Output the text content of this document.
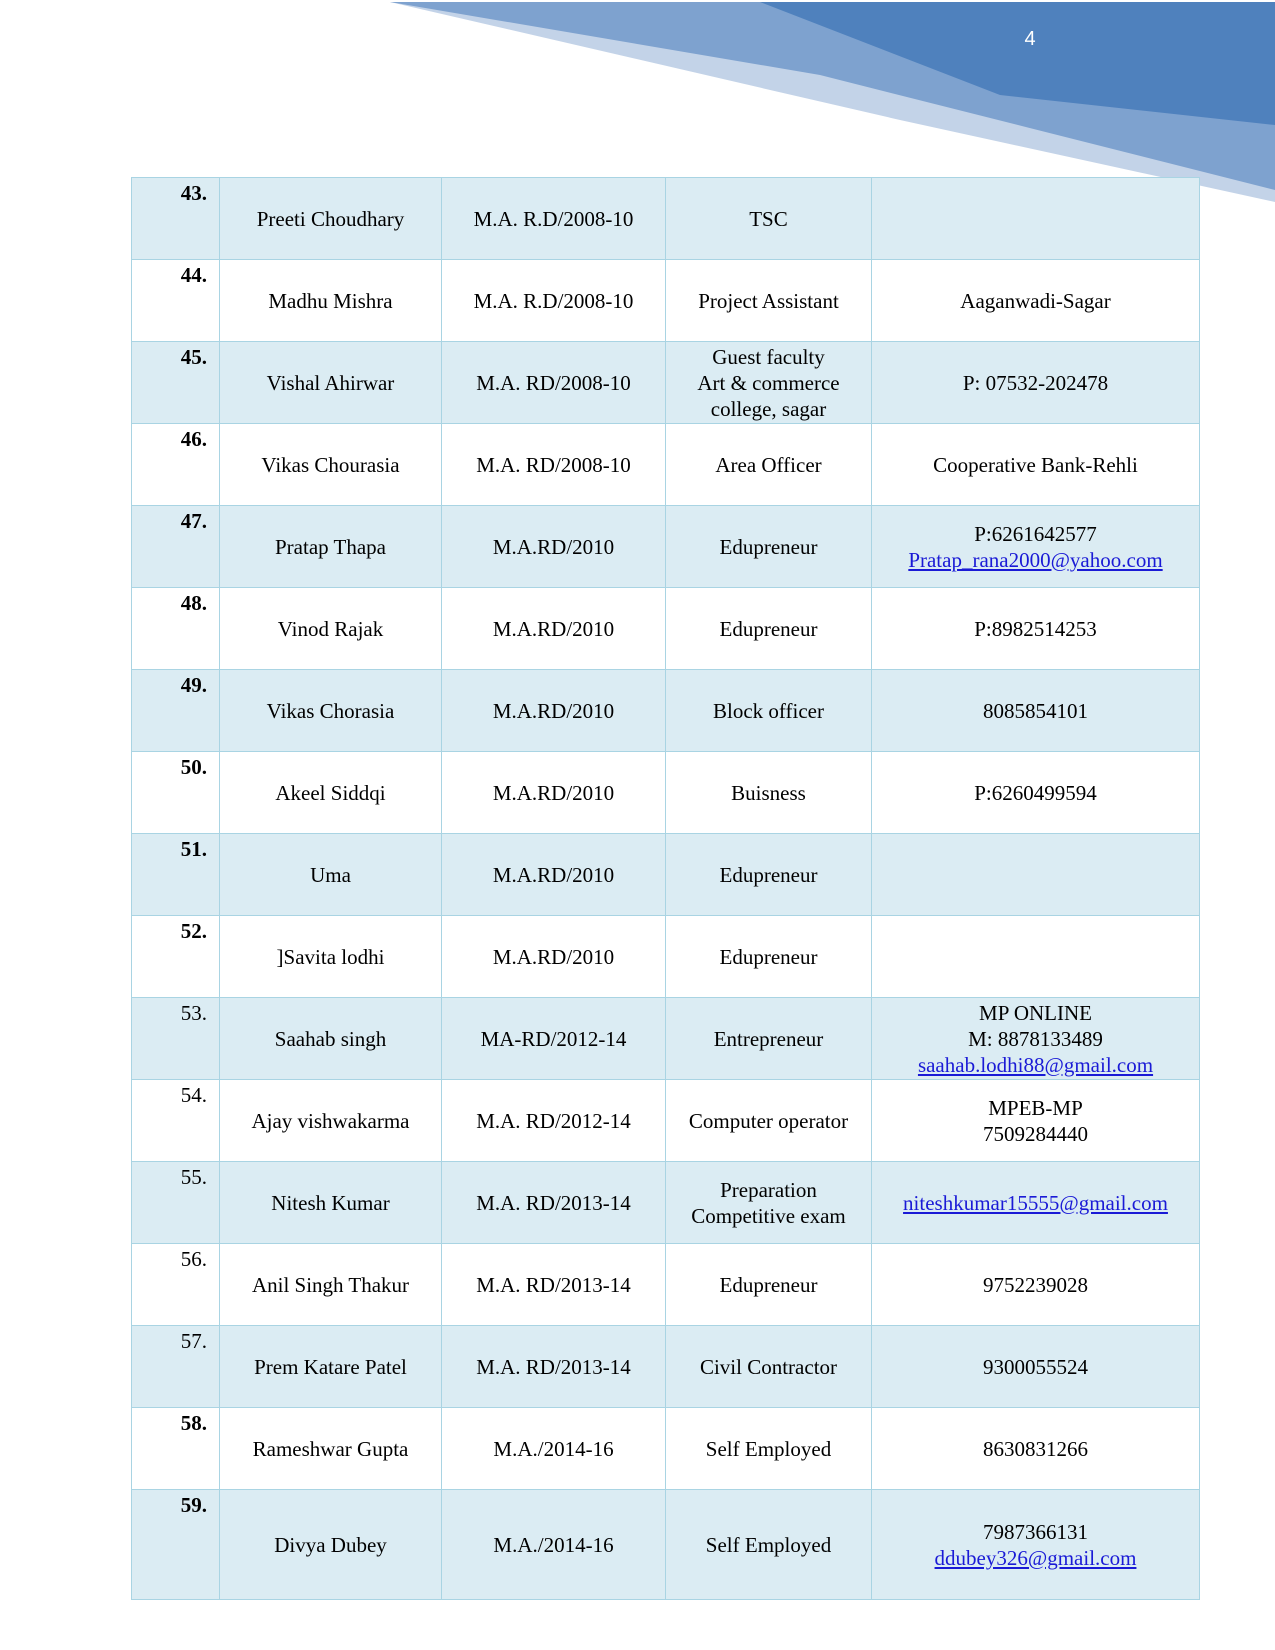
4
43.	Preeti Choudhary	M.A. R.D/2008-10	TSC	

44.	Madhu Mishra	M.A. R.D/2008-10	Project Assistant	Aaganwadi-Sagar

45.	Vishal Ahirwar	M.A. RD/2008-10	Guest faculty
Art & commerce
college, sagar	P: 07532-202478

46.	Vikas Chourasia	M.A. RD/2008-10	Area Officer	Cooperative Bank-Rehli

47.	Pratap Thapa	M.A.RD/2010	Edupreneur	P:6261642577
Pratap_rana2000@yahoo.com

48.	Vinod Rajak	M.A.RD/2010	Edupreneur	P:8982514253

49.	Vikas Chorasia	M.A.RD/2010	Block officer	8085854101

50.	Akeel Siddqi	M.A.RD/2010	Buisness	P:6260499594

51.	Uma	M.A.RD/2010	Edupreneur	

52.	]Savita lodhi	M.A.RD/2010	Edupreneur	

53.	Saahab singh	MA-RD/2012-14	Entrepreneur	MP ONLINE
M: 8878133489
saahab.lodhi88@gmail.com

54.	Ajay vishwakarma	M.A. RD/2012-14	Computer operator	MPEB-MP
7509284440

55.	Nitesh Kumar	M.A. RD/2013-14	Preparation
Competitive exam	niteshkumar15555@gmail.com

56.	Anil Singh Thakur	M.A. RD/2013-14	Edupreneur	9752239028

57.	Prem Katare Patel	M.A. RD/2013-14	Civil Contractor	9300055524

58.	Rameshwar Gupta	M.A./2014-16	Self Employed	8630831266

59.	Divya Dubey	M.A./2014-16	Self Employed	7987366131
ddubey326@gmail.com
